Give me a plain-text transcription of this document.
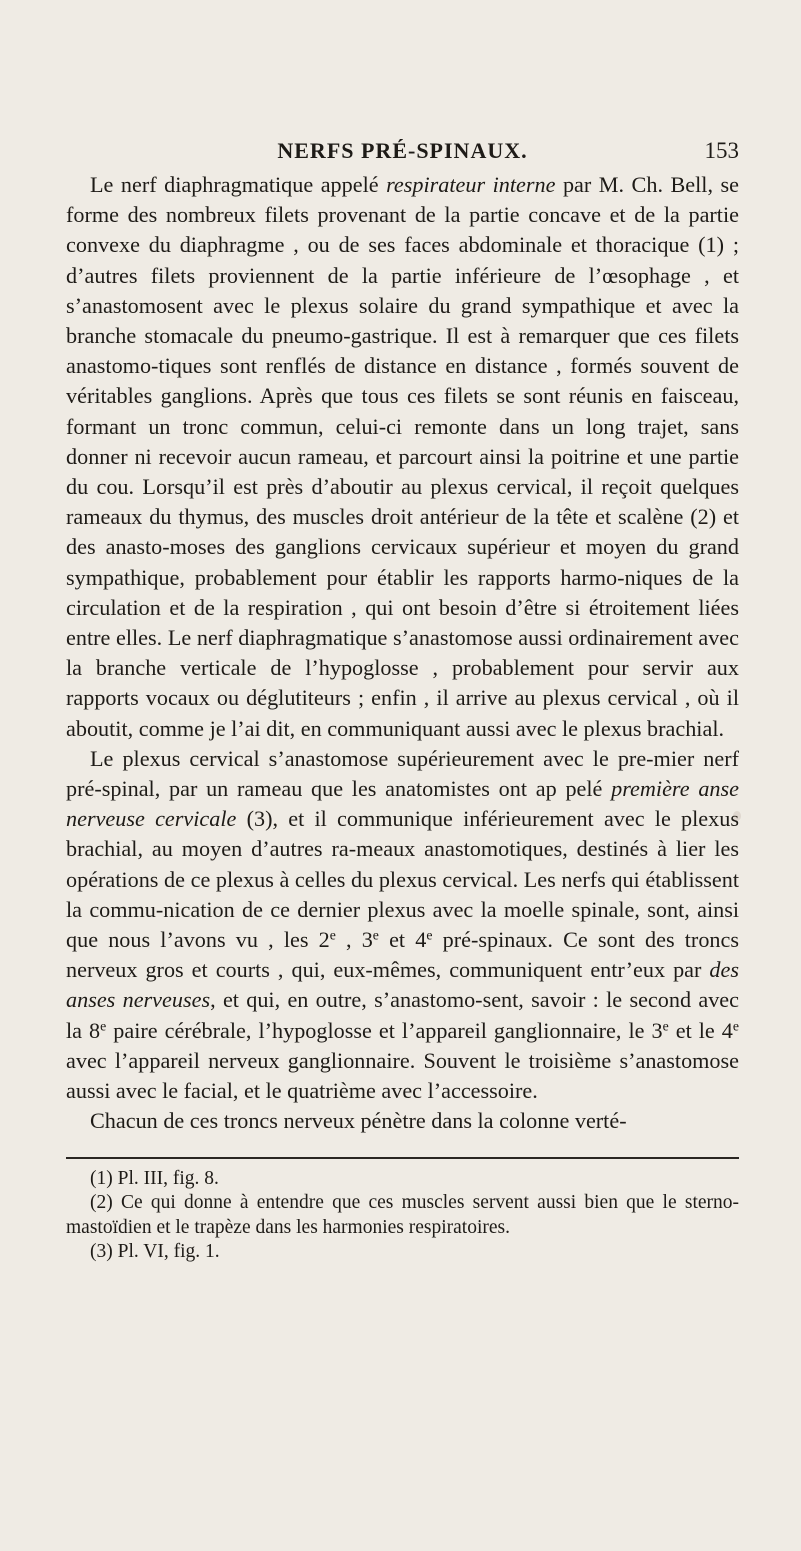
NERFS PRÉ-SPINAUX.	153
Le nerf diaphragmatique appelé respirateur interne par M. Ch. Bell, se forme des nombreux filets provenant de la partie concave et de la partie convexe du diaphragme , ou de ses faces abdominale et thoracique (1) ; d’autres filets proviennent de la partie inférieure de l’œsophage , et s’anastomosent avec le plexus solaire du grand sympathique et avec la branche stomacale du pneumo-gastrique. Il est à remarquer que ces filets anastomo-tiques sont renflés de distance en distance , formés souvent de véritables ganglions. Après que tous ces filets se sont réunis en faisceau, formant un tronc commun, celui-ci remonte dans un long trajet, sans donner ni recevoir aucun rameau, et parcourt ainsi la poitrine et une partie du cou. Lorsqu’il est près d’aboutir au plexus cervical, il reçoit quelques rameaux du thymus, des muscles droit antérieur de la tête et scalène (2) et des anasto-moses des ganglions cervicaux supérieur et moyen du grand sympathique, probablement pour établir les rapports harmo-niques de la circulation et de la respiration , qui ont besoin d’être si étroitement liées entre elles. Le nerf diaphragmatique s’anastomose aussi ordinairement avec la branche verticale de l’hypoglosse , probablement pour servir aux rapports vocaux ou déglutiteurs ; enfin , il arrive au plexus cervical , où il aboutit, comme je l’ai dit, en communiquant aussi avec le plexus brachial.
Le plexus cervical s’anastomose supérieurement avec le pre-mier nerf pré-spinal, par un rameau que les anatomistes ont ap pelé première anse nerveuse cervicale (3), et il communique inférieurement avec le plexus brachial, au moyen d’autres ra-meaux anastomotiques, destinés à lier les opérations de ce plexus à celles du plexus cervical. Les nerfs qui établissent la commu-nication de ce dernier plexus avec la moelle spinale, sont, ainsi que nous l’avons vu , les 2e , 3e et 4e pré-spinaux. Ce sont des troncs nerveux gros et courts , qui, eux-mêmes, communiquent entr’eux par des anses nerveuses, et qui, en outre, s’anastomo-sent, savoir : le second avec la 8e paire cérébrale, l’hypoglosse et l’appareil ganglionnaire, le 3e et le 4e avec l’appareil nerveux ganglionnaire. Souvent le troisième s’anastomose aussi avec le facial, et le quatrième avec l’accessoire.
Chacun de ces troncs nerveux pénètre dans la colonne verté-
(1) Pl. III, fig. 8.
(2) Ce qui donne à entendre que ces muscles servent aussi bien que le sterno-mastoïdien et le trapèze dans les harmonies respiratoires.
(3) Pl. VI, fig. 1.
